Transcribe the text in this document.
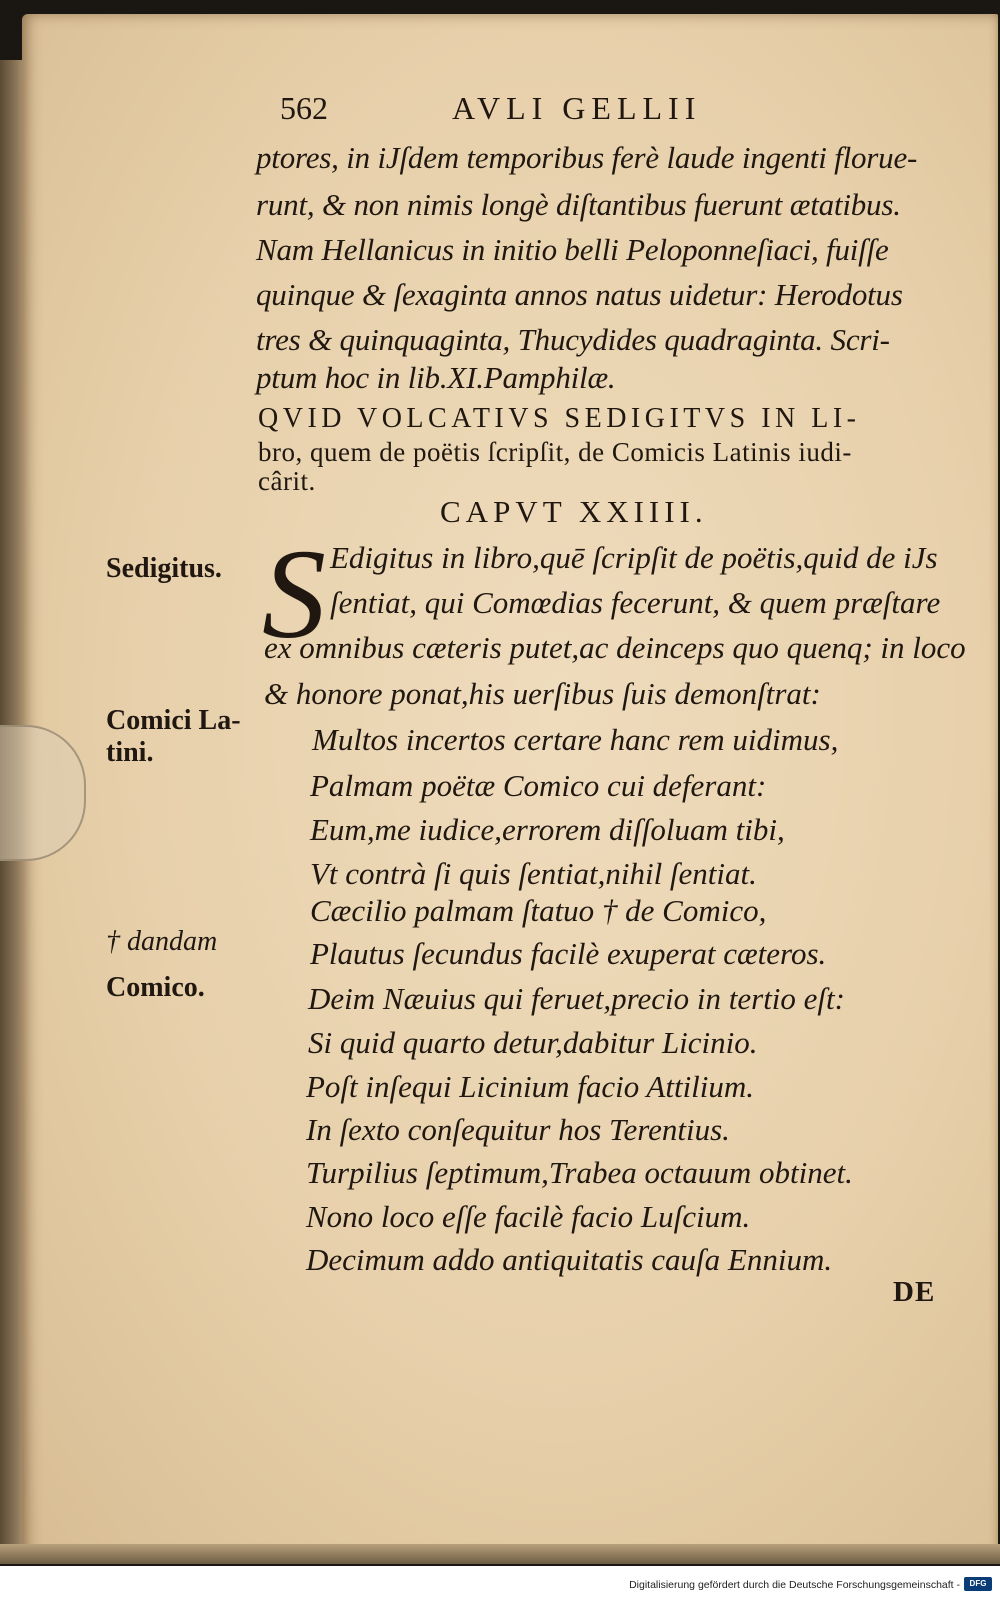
562	AVLI GELLII
ptores, in iJſdem temporibus ferè laude ingenti florue-
runt, & non nimis longè diſtantibus fuerunt ætatibus.
Nam Hellanicus in initio belli Peloponneſiaci, fuiſſe
quinque & ſexaginta annos natus uidetur: Herodotus
tres & quinquaginta, Thucydides quadraginta. Scri-
ptum hoc in lib.XI.Pamphilæ.
QVID VOLCATIVS SEDIGITVS IN LI-
bro, quem de poëtis ſcripſit, de Comicis Latinis iudi-
cârit.
CAPVT XXIIII.
S Edigitus in libro,quē ſcripſit de poëtis,quid de iJs
ſentiat, qui Comœdias fecerunt, & quem præſtare
ex omnibus cæteris putet,ac deinceps quo quenq; in loco
& honore ponat,his uerſibus ſuis demonſtrat:
Multos incertos certare hanc rem uidimus,
Palmam poëtæ Comico cui deferant:
Eum,me iudice,errorem diſſoluam tibi,
Vt contrà ſi quis ſentiat,nihil ſentiat.
Cæcilio palmam ſtatuo † de Comico,
Plautus ſecundus facilè exuperat cæteros.
Deim Næuius qui feruet,precio in tertio eſt:
Si quid quarto detur,dabitur Licinio.
Poſt inſequi Licinium facio Attilium.
In ſexto conſequitur hos Terentius.
Turpilius ſeptimum,Trabea octauum obtinet.
Nono loco eſſe facilè facio Luſcium.
Decimum addo antiquitatis cauſa Ennium.
Sedigitus.
Comici La-
tini.
† dandam
Comico.
DE
Digitalisierung gefördert durch die Deutsche Forschungsgemeinschaft -	DFG
